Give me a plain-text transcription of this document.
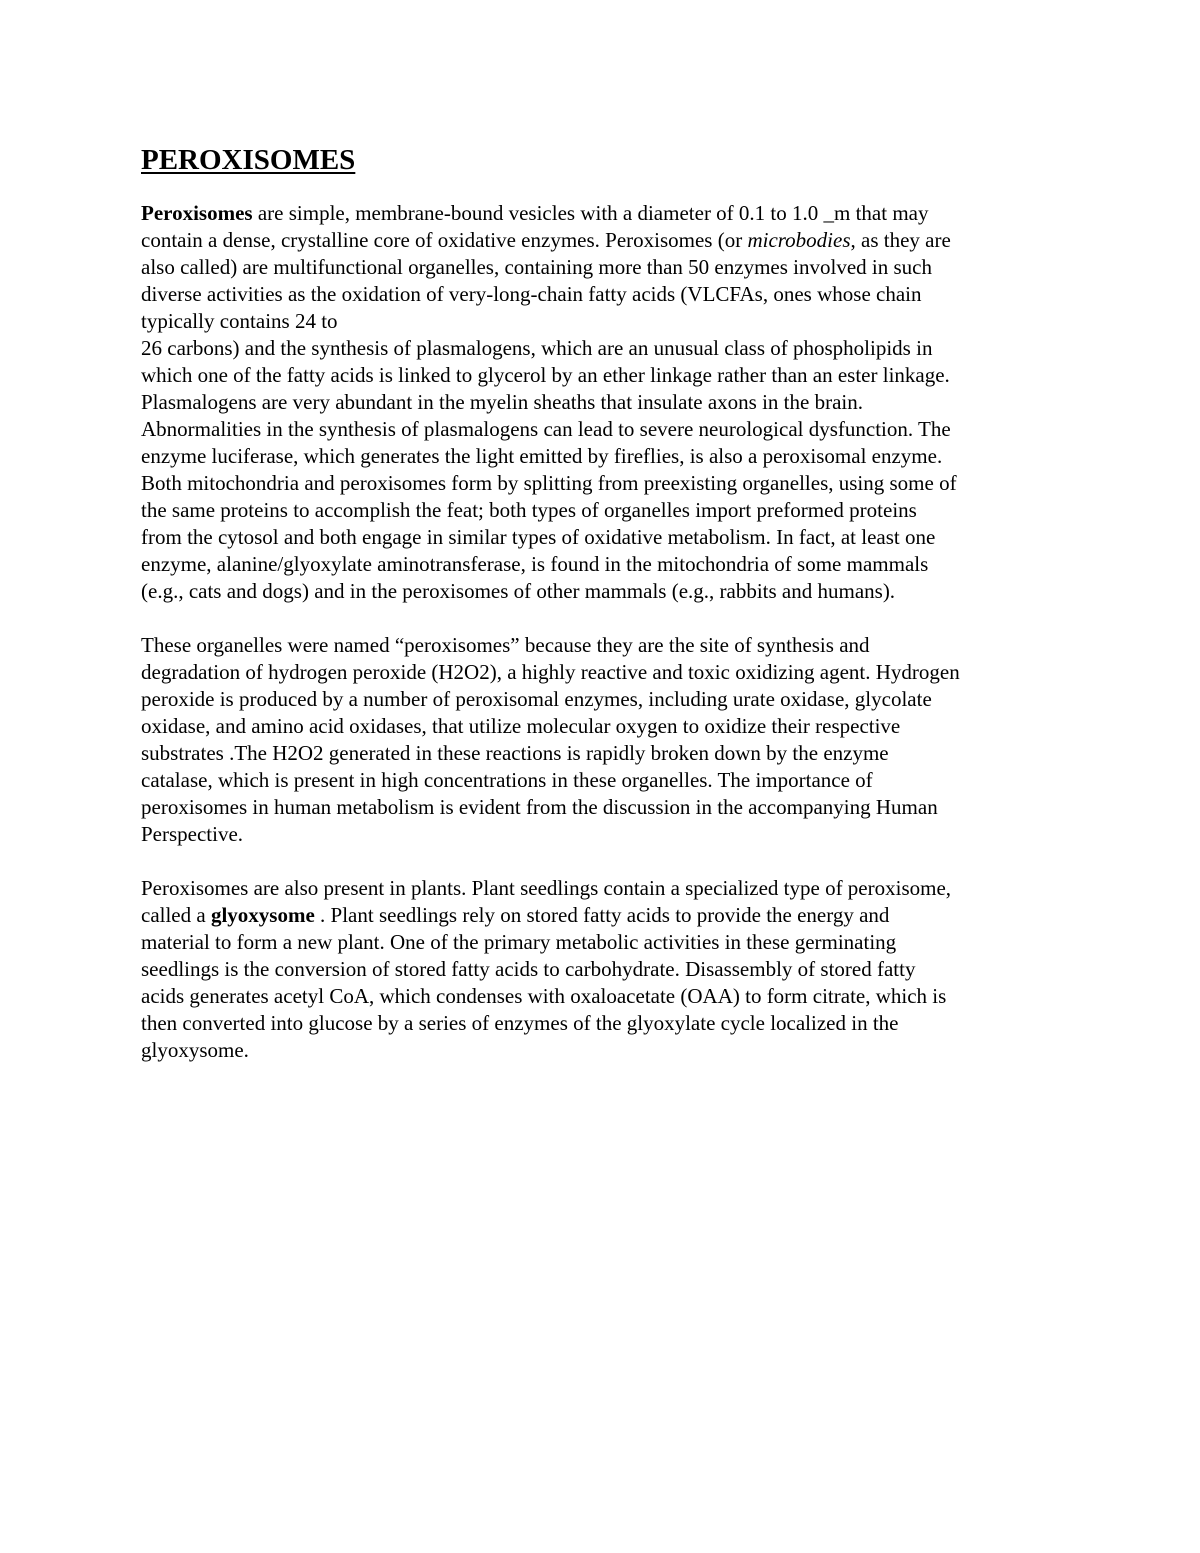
PEROXISOMES
Peroxisomes are simple, membrane-bound vesicles with a diameter of 0.1 to 1.0 _m that may
contain a dense, crystalline core of oxidative enzymes. Peroxisomes (or microbodies, as they are
also called) are multifunctional organelles, containing more than 50 enzymes involved in such
diverse activities as the oxidation of very-long-chain fatty acids (VLCFAs, ones whose chain
typically contains 24 to
26 carbons) and the synthesis of plasmalogens, which are an unusual class of phospholipids in
which one of the fatty acids is linked to glycerol by an ether linkage rather than an ester linkage.
Plasmalogens are very abundant in the myelin sheaths that insulate axons in the brain.
Abnormalities in the synthesis of plasmalogens can lead to severe neurological dysfunction. The
enzyme luciferase, which generates the light emitted by fireflies, is also a peroxisomal enzyme.
Both mitochondria and peroxisomes form by splitting from preexisting organelles, using some of
the same proteins to accomplish the feat; both types of organelles import preformed proteins
from the cytosol and both engage in similar types of oxidative metabolism. In fact, at least one
enzyme, alanine/glyoxylate aminotransferase, is found in the mitochondria of some mammals
(e.g., cats and dogs) and in the peroxisomes of other mammals (e.g., rabbits and humans).
These organelles were named “peroxisomes” because they are the site of synthesis and
degradation of hydrogen peroxide (H2O2), a highly reactive and toxic oxidizing agent. Hydrogen
peroxide is produced by a number of peroxisomal enzymes, including urate oxidase, glycolate
oxidase, and amino acid oxidases, that utilize molecular oxygen to oxidize their respective
substrates .The H2O2 generated in these reactions is rapidly broken down by the enzyme
catalase, which is present in high concentrations in these organelles. The importance of
peroxisomes in human metabolism is evident from the discussion in the accompanying Human
Perspective.
Peroxisomes are also present in plants. Plant seedlings contain a specialized type of peroxisome,
called a glyoxysome . Plant seedlings rely on stored fatty acids to provide the energy and
material to form a new plant. One of the primary metabolic activities in these germinating
seedlings is the conversion of stored fatty acids to carbohydrate. Disassembly of stored fatty
acids generates acetyl CoA, which condenses with oxaloacetate (OAA) to form citrate, which is
then converted into glucose by a series of enzymes of the glyoxylate cycle localized in the
glyoxysome.
